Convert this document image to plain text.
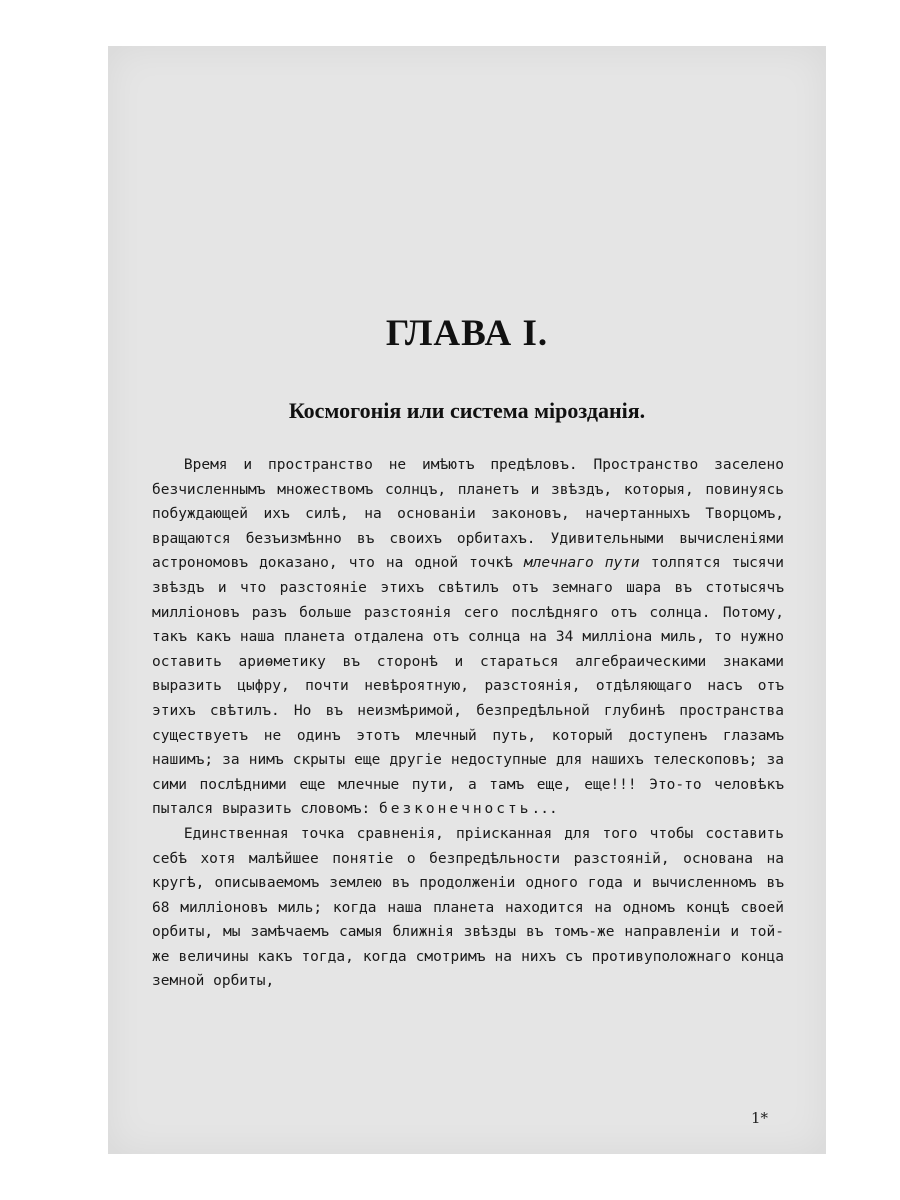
ГЛАВА I.
Космогонія или система мірозданія.

Время и пространство не имѣютъ предѣловъ. Пространство заселено безчисленнымъ множествомъ солнцъ, планетъ и звѣздъ, которыя, повинуясь побуждающей ихъ силѣ, на основаніи законовъ, начертанныхъ Творцомъ, вращаются безъизмѣнно въ своихъ орбитахъ. Удивительными вычисленіями астрономовъ доказано, что на одной точкѣ млечнаго пути толпятся тысячи звѣздъ и что разстояніе этихъ свѣтилъ отъ земнаго шара въ стотысячъ милліоновъ разъ больше разстоянія сего послѣдняго отъ солнца. Потому, такъ какъ наша планета отдалена отъ солнца на 34 милліона миль, то нужно оставить ариѳметику въ сторонѣ и стараться алгебраическими знаками выразить цыфру, почти невѣроятную, разстоянія, отдѣляющаго насъ отъ этихъ свѣтилъ. Но въ неизмѣримой, безпредѣльной глубинѣ пространства существуетъ не одинъ этотъ млечный путь, который доступенъ глазамъ нашимъ; за нимъ скрыты еще другіе недоступные для нашихъ телескоповъ; за сими послѣдними еще млечные пути, а тамъ еще, еще!!! Это-то человѣкъ пытался выразить словомъ: безконечность...

Единственная точка сравненія, пріисканная для того чтобы составить себѣ хотя малѣйшее понятіе о безпредѣльности разстояній, основана на кругѣ, описываемомъ землею въ продолженіи одного года и вычисленномъ въ 68 милліоновъ миль; когда наша планета находится на одномъ концѣ своей орбиты, мы замѣчаемъ самыя ближнія звѣзды въ томъ-же направленіи и той-же величины какъ тогда, когда смотримъ на нихъ съ противуположнаго конца земной орбиты,

1*
